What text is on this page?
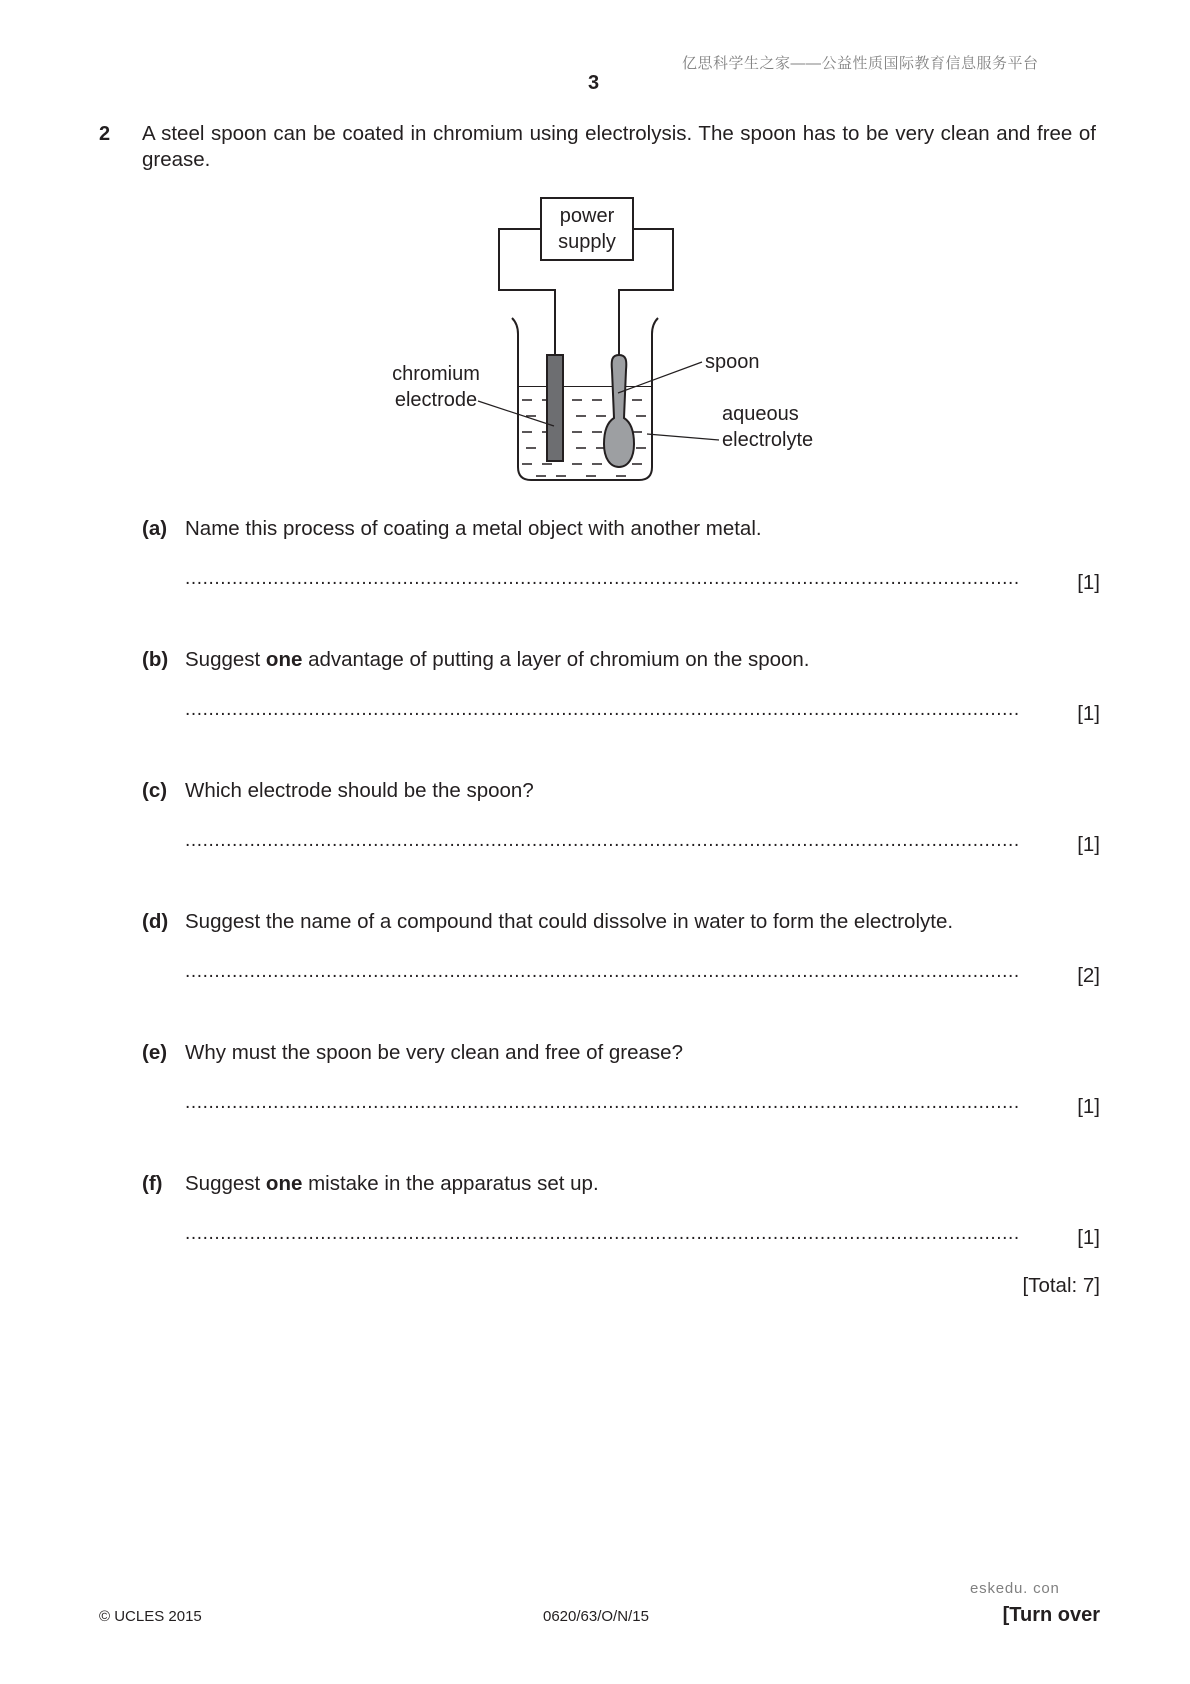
亿思科学生之家——公益性质国际教育信息服务平台
3
2 A steel spoon can be coated in chromium using electrolysis. The spoon has to be very clean and free of grease.
power
supply
chromium
electrode
spoon
aqueous
electrolyte
(a) Name this process of coating a metal object with another metal.
..............................................................................................................................................	[1]
(b) Suggest one advantage of putting a layer of chromium on the spoon.
..............................................................................................................................................	[1]
(c) Which electrode should be the spoon?
..............................................................................................................................................	[1]
(d) Suggest the name of a compound that could dissolve in water to form the electrolyte.
..............................................................................................................................................	[2]
(e) Why must the spoon be very clean and free of grease?
..............................................................................................................................................	[1]
(f) Suggest one mistake in the apparatus set up.
..............................................................................................................................................	[1]
[Total: 7]
© UCLES 2015	0620/63/O/N/15
eskedu. con
[Turn over
